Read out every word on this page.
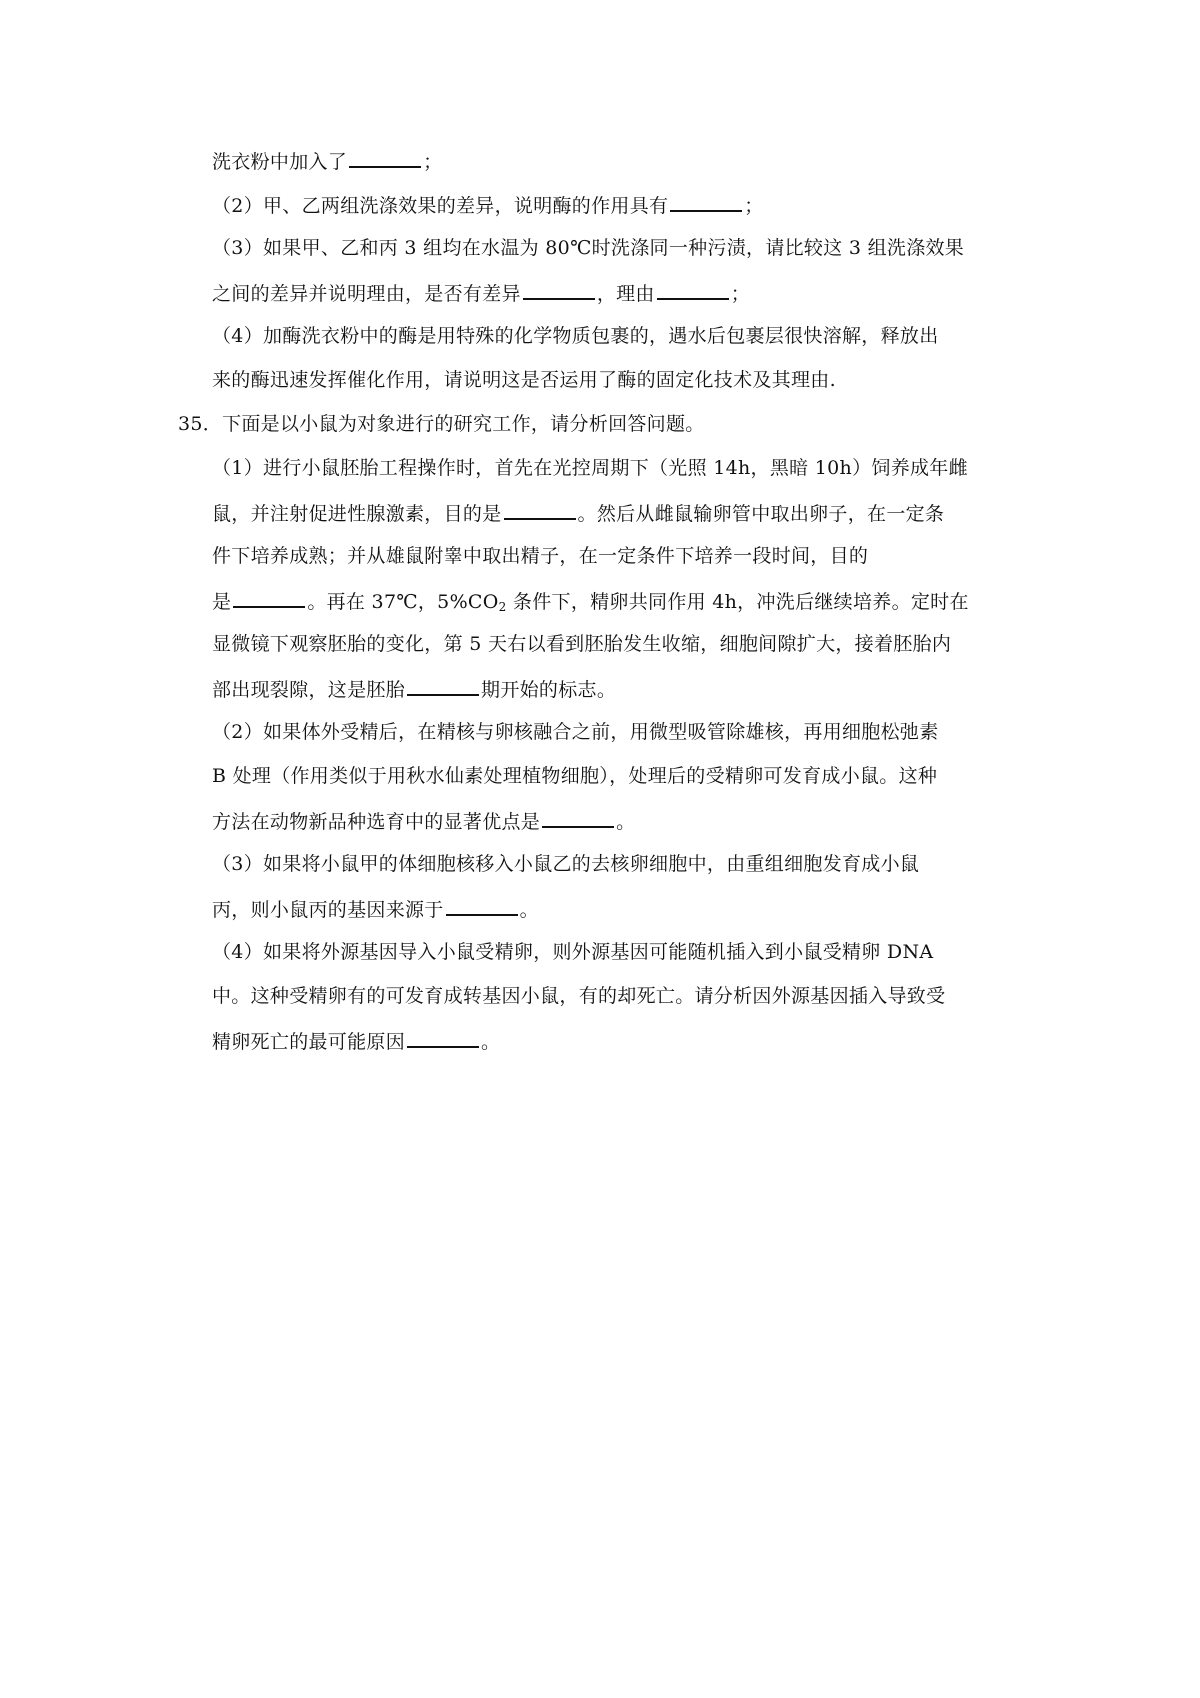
洗衣粉中加入了	；
（2）甲、乙两组洗涤效果的差异，说明酶的作用具有	；
（3）如果甲、乙和丙 3 组均在水温为 80℃时洗涤同一种污渍，请比较这 3 组洗涤效果
之间的差异并说明理由，是否有差异	，理由	；
（4）加酶洗衣粉中的酶是用特殊的化学物质包裹的，遇水后包裹层很快溶解，释放出
来的酶迅速发挥催化作用，请说明这是否运用了酶的固定化技术及其理由.
35．下面是以小鼠为对象进行的研究工作，请分析回答问题。
（1）进行小鼠胚胎工程操作时，首先在光控周期下（光照 14h，黑暗 10h）饲养成年雌
鼠，并注射促进性腺激素，目的是	。然后从雌鼠输卵管中取出卵子，在一定条
件下培养成熟；并从雄鼠附睾中取出精子，在一定条件下培养一段时间，目的
是	。再在 37℃，$5\%CO_2$ 条件下，精卵共同作用 4h，冲洗后继续培养。定时在
显微镜下观察胚胎的变化，第 5 天右以看到胚胎发生收缩，细胞间隙扩大，接着胚胎内
部出现裂隙，这是胚胎	期开始的标志。
（2）如果体外受精后，在精核与卵核融合之前，用微型吸管除雄核，再用细胞松弛素
B 处理（作用类似于用秋水仙素处理植物细胞），处理后的受精卵可发育成小鼠。这种
方法在动物新品种选育中的显著优点是	。
（3）如果将小鼠甲的体细胞核移入小鼠乙的去核卵细胞中，由重组细胞发育成小鼠
丙，则小鼠丙的基因来源于	。
（4）如果将外源基因导入小鼠受精卵，则外源基因可能随机插入到小鼠受精卵 DNA
中。这种受精卵有的可发育成转基因小鼠，有的却死亡。请分析因外源基因插入导致受
精卵死亡的最可能原因	。
